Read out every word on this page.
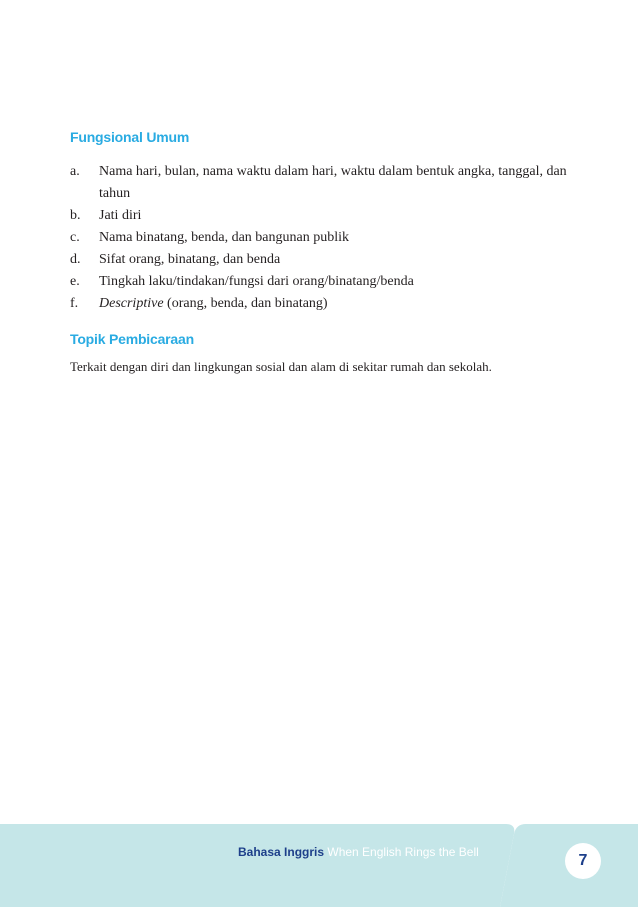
Fungsional Umum
a.	Nama hari, bulan, nama waktu dalam hari, waktu dalam bentuk angka, tanggal, dan tahun
b.	Jati diri
c.	Nama binatang, benda, dan bangunan publik
d.	Sifat orang, binatang, dan benda
e.	Tingkah laku/tindakan/fungsi dari orang/binatang/benda
f.	Descriptive (orang, benda, dan binatang)
Topik Pembicaraan
Terkait dengan diri dan lingkungan sosial dan alam di sekitar rumah dan sekolah.
Bahasa Inggris When English Rings the Bell	7
